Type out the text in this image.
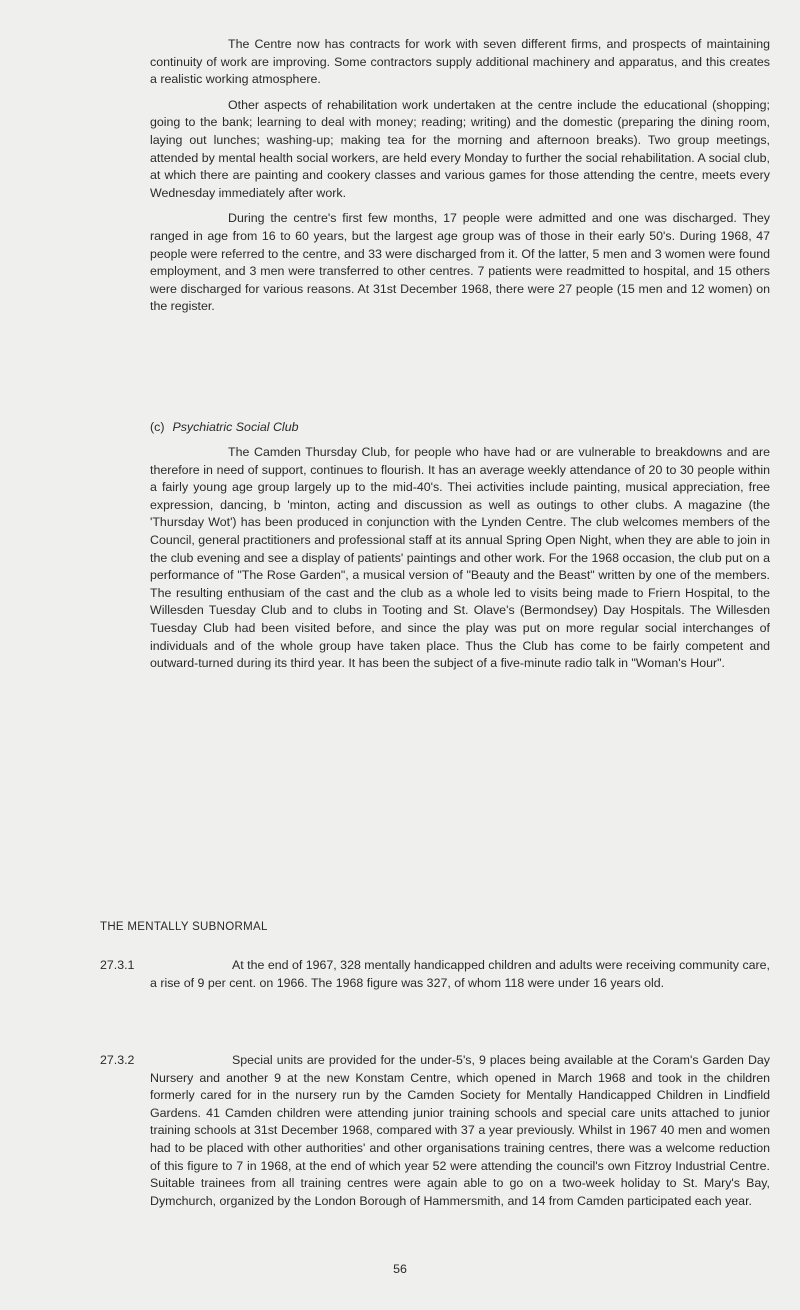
The Centre now has contracts for work with seven different firms, and prospects of maintaining continuity of work are improving. Some contractors supply additional machinery and apparatus, and this creates a realistic working atmosphere.

Other aspects of rehabilitation work undertaken at the centre include the educational (shopping; going to the bank; learning to deal with money; reading; writing) and the domestic (preparing the dining room, laying out lunches; washing-up; making tea for the morning and afternoon breaks). Two group meetings, attended by mental health social workers, are held every Monday to further the social rehabilitation. A social club, at which there are painting and cookery classes and various games for those attending the centre, meets every Wednesday immediately after work.

During the centre's first few months, 17 people were admitted and one was discharged. They ranged in age from 16 to 60 years, but the largest age group was of those in their early 50's. During 1968, 47 people were referred to the centre, and 33 were discharged from it. Of the latter, 5 men and 3 women were found employment, and 3 men were transferred to other centres. 7 patients were readmitted to hospital, and 15 others were discharged for various reasons. At 31st December 1968, there were 27 people (15 men and 12 women) on the register.

(c) Psychiatric Social Club

The Camden Thursday Club, for people who have had or are vulnerable to breakdowns and are therefore in need of support, continues to flourish. It has an average weekly attendance of 20 to 30 people within a fairly young age group largely up to the mid-40's. Thei activities include painting, musical appreciation, free expression, dancing, b 'minton, acting and discussion as well as outings to other clubs. A magazine (the 'Thursday Wot') has been produced in conjunction with the Lynden Centre. The club welcomes members of the Council, general practitioners and professional staff at its annual Spring Open Night, when they are able to join in the club evening and see a display of patients' paintings and other work. For the 1968 occasion, the club put on a performance of "The Rose Garden", a musical version of "Beauty and the Beast" written by one of the members. The resulting enthusiam of the cast and the club as a whole led to visits being made to Friern Hospital, to the Willesden Tuesday Club and to clubs in Tooting and St. Olave's (Bermondsey) Day Hospitals. The Willesden Tuesday Club had been visited before, and since the play was put on more regular social interchanges of individuals and of the whole group have taken place. Thus the Club has come to be fairly competent and outward-turned during its third year. It has been the subject of a five-minute radio talk in "Woman's Hour".

THE MENTALLY SUBNORMAL
27.3.1	At the end of 1967, 328 mentally handicapped children and adults were receiving community care, a rise of 9 per cent. on 1966. The 1968 figure was 327, of whom 118 were under 16 years old.
27.3.2	Special units are provided for the under-5's, 9 places being available at the Coram's Garden Day Nursery and another 9 at the new Konstam Centre, which opened in March 1968 and took in the children formerly cared for in the nursery run by the Camden Society for Mentally Handicapped Children in Lindfield Gardens. 41 Camden children were attending junior training schools and special care units attached to junior training schools at 31st December 1968, compared with 37 a year previously. Whilst in 1967 40 men and women had to be placed with other authorities' and other organisations training centres, there was a welcome reduction of this figure to 7 in 1968, at the end of which year 52 were attending the council's own Fitzroy Industrial Centre. Suitable trainees from all training centres were again able to go on a two-week holiday to St. Mary's Bay, Dymchurch, organized by the London Borough of Hammersmith, and 14 from Camden participated each year.
56
